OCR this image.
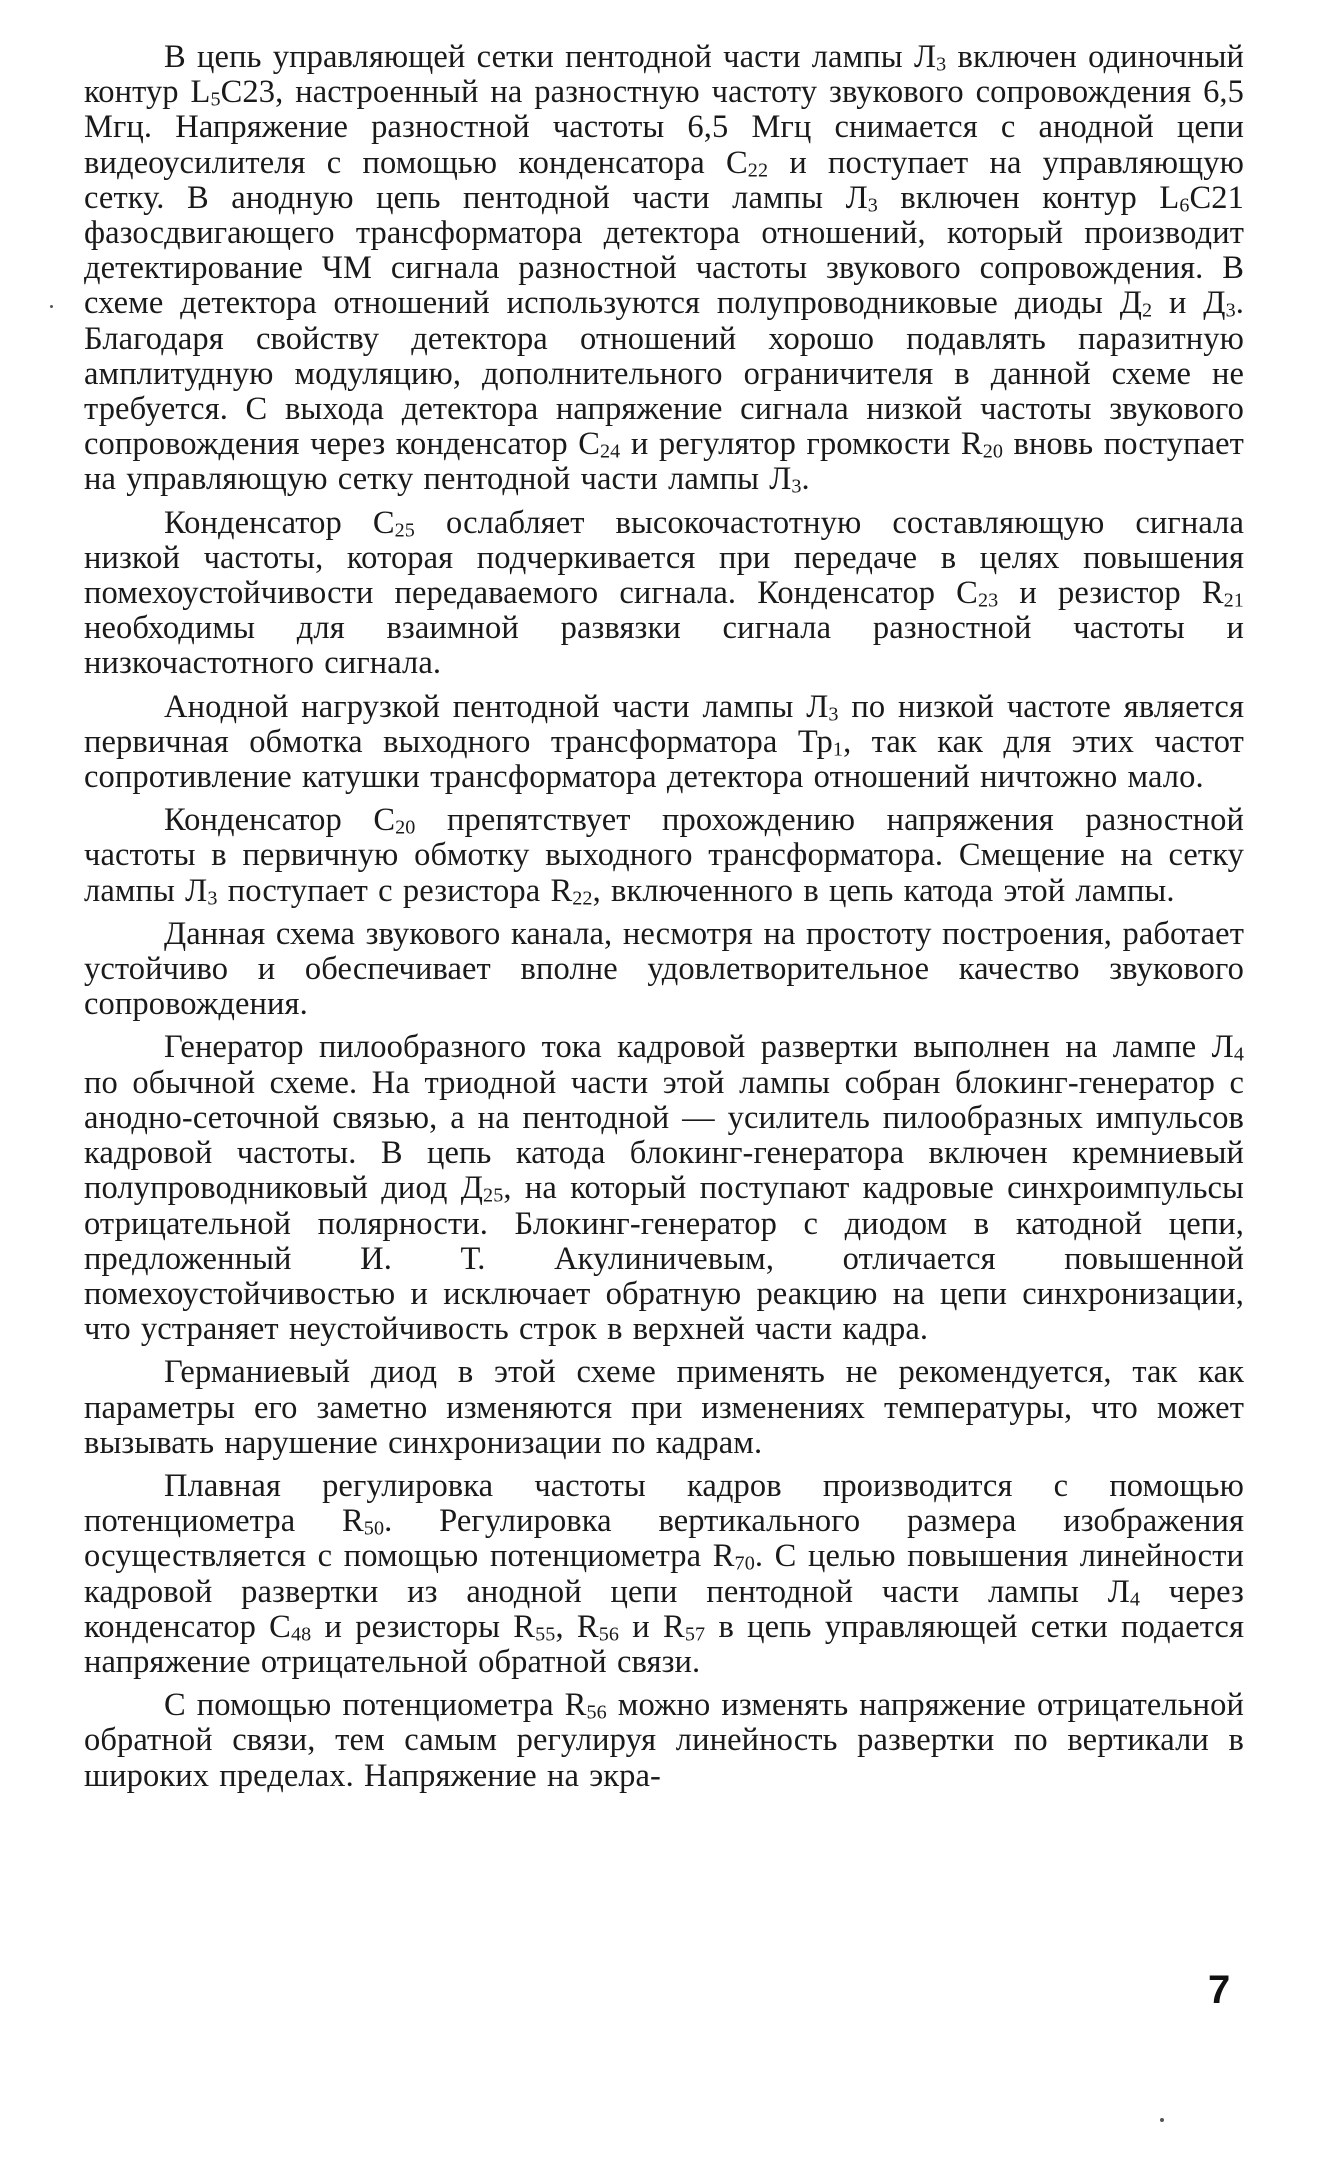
В цепь управляющей сетки пентодной части лампы Л3 включен одиночный контур L5C23, настроенный на разностную частоту звукового сопровождения 6,5 Мгц. Напряжение разностной частоты 6,5 Мгц снимается с анодной цепи видеоусилителя с помощью конденсатора C22 и поступает на управляющую сетку. В анодную цепь пентодной части лампы Л3 включен контур L6C21 фазосдвигающего трансформатора детектора отношений, который производит детектирование ЧМ сигнала разностной частоты звукового сопровождения. В схеме детектора отношений используются полупроводниковые диоды Д2 и Д3. Благодаря свойству детектора отношений хорошо подавлять паразитную амплитудную модуляцию, дополнительного ограничителя в данной схеме не требуется. С выхода детектора напряжение сигнала низкой частоты звукового сопровождения через конденсатор C24 и регулятор громкости R20 вновь поступает на управляющую сетку пентодной части лампы Л3.

Конденсатор C25 ослабляет высокочастотную составляющую сигнала низкой частоты, которая подчеркивается при передаче в целях повышения помехоустойчивости передаваемого сигнала. Конденсатор C23 и резистор R21 необходимы для взаимной развязки сигнала разностной частоты и низкочастотного сигнала.

Анодной нагрузкой пентодной части лампы Л3 по низкой частоте является первичная обмотка выходного трансформатора Тр1, так как для этих частот сопротивление катушки трансформатора детектора отношений ничтожно мало.

Конденсатор C20 препятствует прохождению напряжения разностной частоты в первичную обмотку выходного трансформатора. Смещение на сетку лампы Л3 поступает с резистора R22, включенного в цепь катода этой лампы.

Данная схема звукового канала, несмотря на простоту построения, работает устойчиво и обеспечивает вполне удовлетворительное качество звукового сопровождения.

Генератор пилообразного тока кадровой развертки выполнен на лампе Л4 по обычной схеме. На триодной части этой лампы собран блокинг-генератор с анодно-сеточной связью, а на пентодной — усилитель пилообразных импульсов кадровой частоты. В цепь катода блокинг-генератора включен кремниевый полупроводниковый диод Д25, на который поступают кадровые синхроимпульсы отрицательной полярности. Блокинг-генератор с диодом в катодной цепи, предложенный И. Т. Акулиничевым, отличается повышенной помехоустойчивостью и исключает обратную реакцию на цепи синхронизации, что устраняет неустойчивость строк в верхней части кадра.

Германиевый диод в этой схеме применять не рекомендуется, так как параметры его заметно изменяются при изменениях температуры, что может вызывать нарушение синхронизации по кадрам.

Плавная регулировка частоты кадров производится с помощью потенциометра R50. Регулировка вертикального размера изображения осуществляется с помощью потенциометра R70. С целью повышения линейности кадровой развертки из анодной цепи пентодной части лампы Л4 через конденсатор C48 и резисторы R55, R56 и R57 в цепь управляющей сетки подается напряжение отрицательной обратной связи.

С помощью потенциометра R56 можно изменять напряжение отрицательной обратной связи, тем самым регулируя линейность развертки по вертикали в широких пределах. Напряжение на экра-

7
